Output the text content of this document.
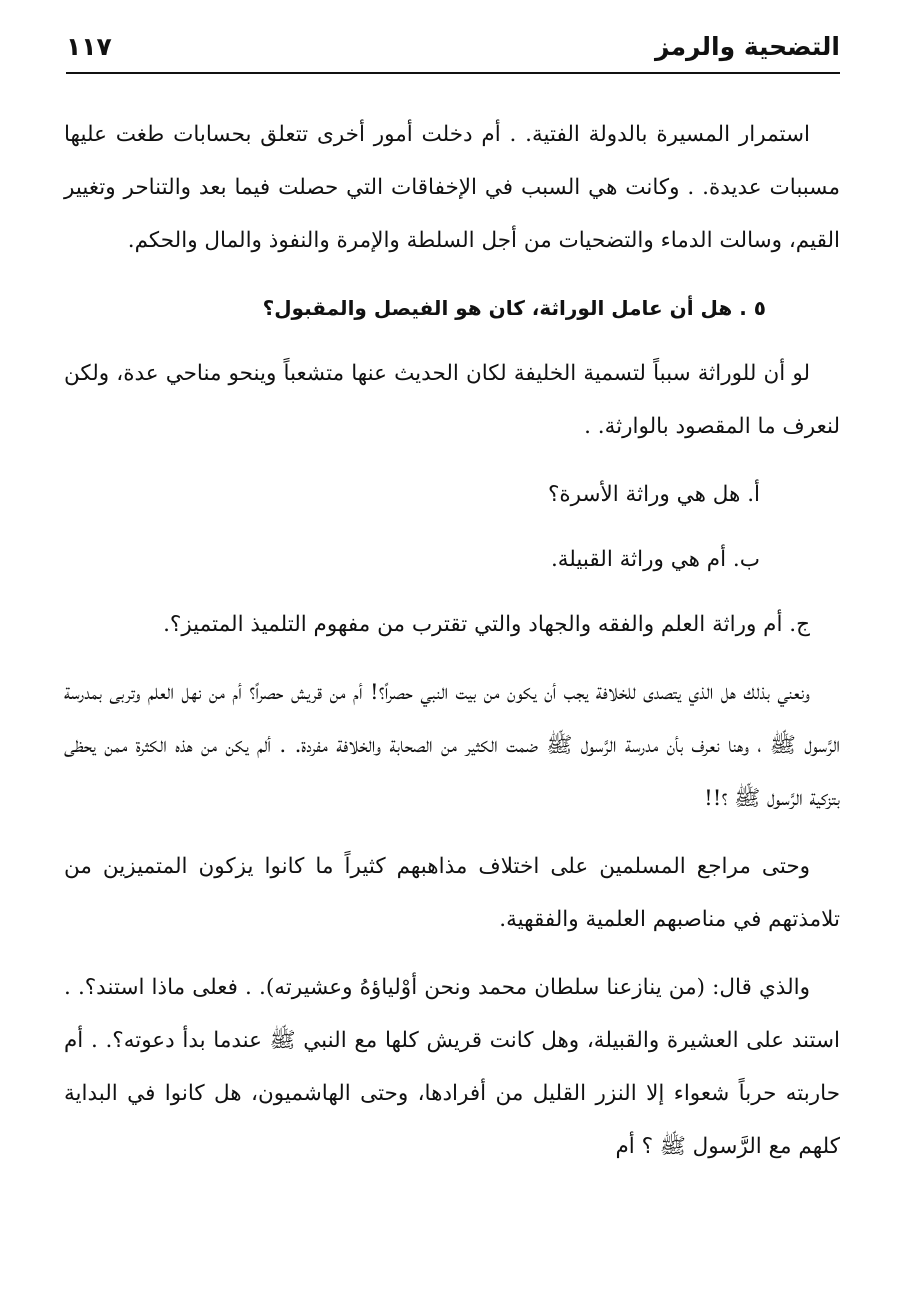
التضحية والرمز
١١٧

استمرار المسيرة بالدولة الفتية. . أم دخلت أمور أخرى تتعلق بحسابات طغت عليها مسببات عديدة. . وكانت هي السبب في الإخفاقات التي حصلت فيما بعد والتناحر وتغيير القيم، وسالت الدماء والتضحيات من أجل السلطة والإمرة والنفوذ والمال والحكم.

٥ . هل أن عامل الوراثة، كان هو الفيصل والمقبول؟

لو أن للوراثة سبباً لتسمية الخليفة لكان الحديث عنها متشعباً وينحو مناحي عدة، ولكن لنعرف ما المقصود بالوارثة. .

أ. هل هي وراثة الأسرة؟

ب. أم هي وراثة القبيلة.

ج. أم وراثة العلم والفقه والجهاد والتي تقترب من مفهوم التلميذ المتميز؟.

ونعني بذلك هل الذي يتصدى للخلافة يجب أن يكون من بيت النبي حصراً؟! أم من قريش حصراً؟ أم من نهل العلم وتربى بمدرسة الرَّسول ﷺ ، وهنا نعرف بأن مدرسة الرَّسول ﷺ ضمت الكثير من الصحابة والخلافة مفردة. . ألم يكن من هذه الكثرة ممن يحظى بتزكية الرَّسول ﷺ ؟!!

وحتى مراجع المسلمين على اختلاف مذاهبهم كثيراً ما كانوا يزكون المتميزين من تلامذتهم في مناصبهم العلمية والفقهية.

والذي قال: (من ينازعنا سلطان محمد ونحن أوْلياؤهُ وعشيرته). . فعلى ماذا استند؟. . استند على العشيرة والقبيلة، وهل كانت قريش كلها مع النبي ﷺ عندما بدأ دعوته؟. . أم حاربته حرباً شعواء إلا النزر القليل من أفرادها، وحتى الهاشميون، هل كانوا في البداية كلهم مع الرَّسول ﷺ ؟ أم
